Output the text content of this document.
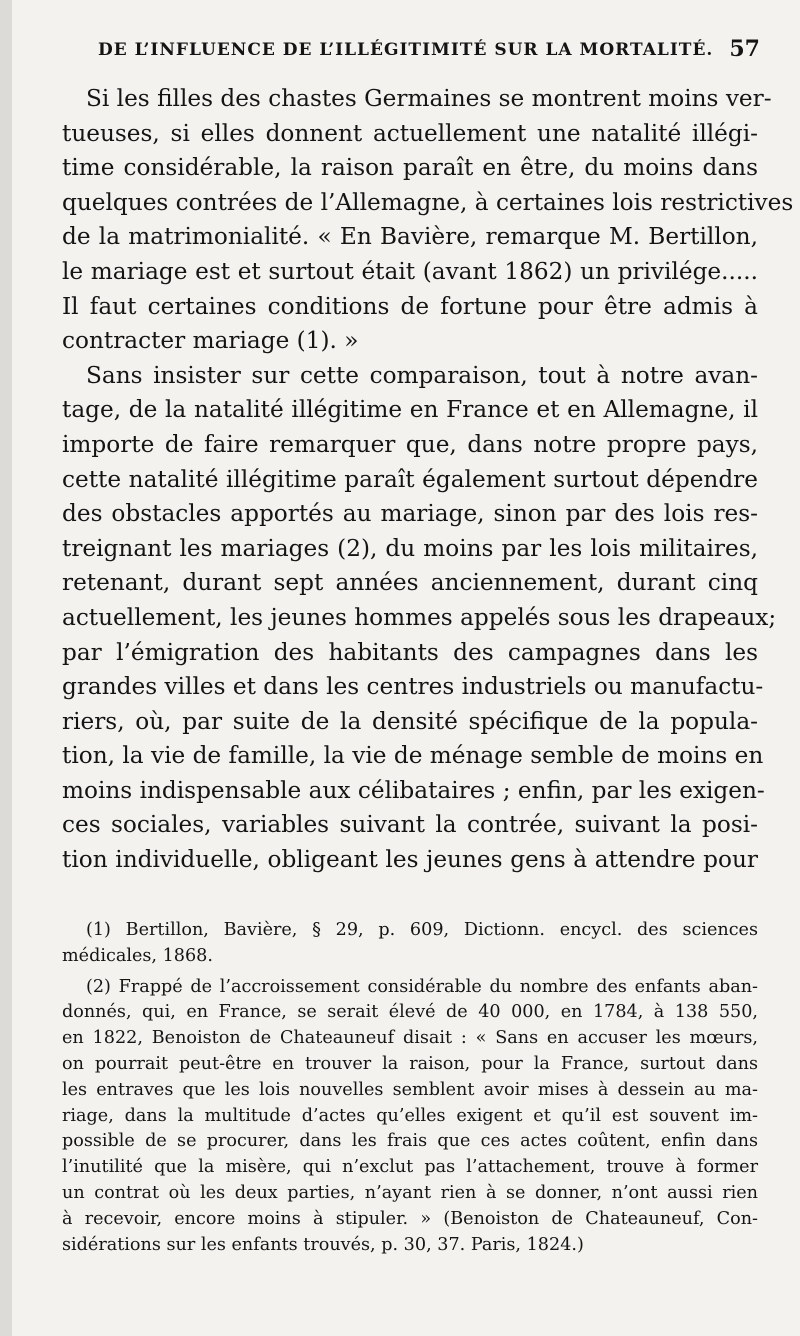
DE L’INFLUENCE DE L’ILLÉGITIMITÉ SUR LA MORTALITÉ. 57
Si les filles des chastes Germaines se montrent moins ver-
tueuses, si elles donnent actuellement une natalité illégi-
time considérable, la raison paraît en être, du moins dans
quelques contrées de l’Allemagne, à certaines lois restrictives
de la matrimonialité. « En Bavière, remarque M. Bertillon,
le mariage est et surtout était (avant 1862) un privilége.....
Il faut certaines conditions de fortune pour être admis à
contracter mariage (1). »
Sans insister sur cette comparaison, tout à notre avan-
tage, de la natalité illégitime en France et en Allemagne, il
importe de faire remarquer que, dans notre propre pays,
cette natalité illégitime paraît également surtout dépendre
des obstacles apportés au mariage, sinon par des lois res-
treignant les mariages (2), du moins par les lois militaires,
retenant, durant sept années anciennement, durant cinq
actuellement, les jeunes hommes appelés sous les drapeaux;
par l’émigration des habitants des campagnes dans les
grandes villes et dans les centres industriels ou manufactu-
riers, où, par suite de la densité spécifique de la popula-
tion, la vie de famille, la vie de ménage semble de moins en
moins indispensable aux célibataires ; enfin, par les exigen-
ces sociales, variables suivant la contrée, suivant la posi-
tion individuelle, obligeant les jeunes gens à attendre pour
(1) Bertillon, Bavière, § 29, p. 609, Dictionn. encycl. des sciences
médicales, 1868.
(2) Frappé de l’accroissement considérable du nombre des enfants aban-
donnés, qui, en France, se serait élevé de 40 000, en 1784, à 138 550,
en 1822, Benoiston de Chateauneuf disait : « Sans en accuser les mœurs,
on pourrait peut-être en trouver la raison, pour la France, surtout dans
les entraves que les lois nouvelles semblent avoir mises à dessein au ma-
riage, dans la multitude d’actes qu’elles exigent et qu’il est souvent im-
possible de se procurer, dans les frais que ces actes coûtent, enfin dans
l’inutilité que la misère, qui n’exclut pas l’attachement, trouve à former
un contrat où les deux parties, n’ayant rien à se donner, n’ont aussi rien
à recevoir, encore moins à stipuler. » (Benoiston de Chateauneuf, Con-
sidérations sur les enfants trouvés, p. 30, 37. Paris, 1824.)
